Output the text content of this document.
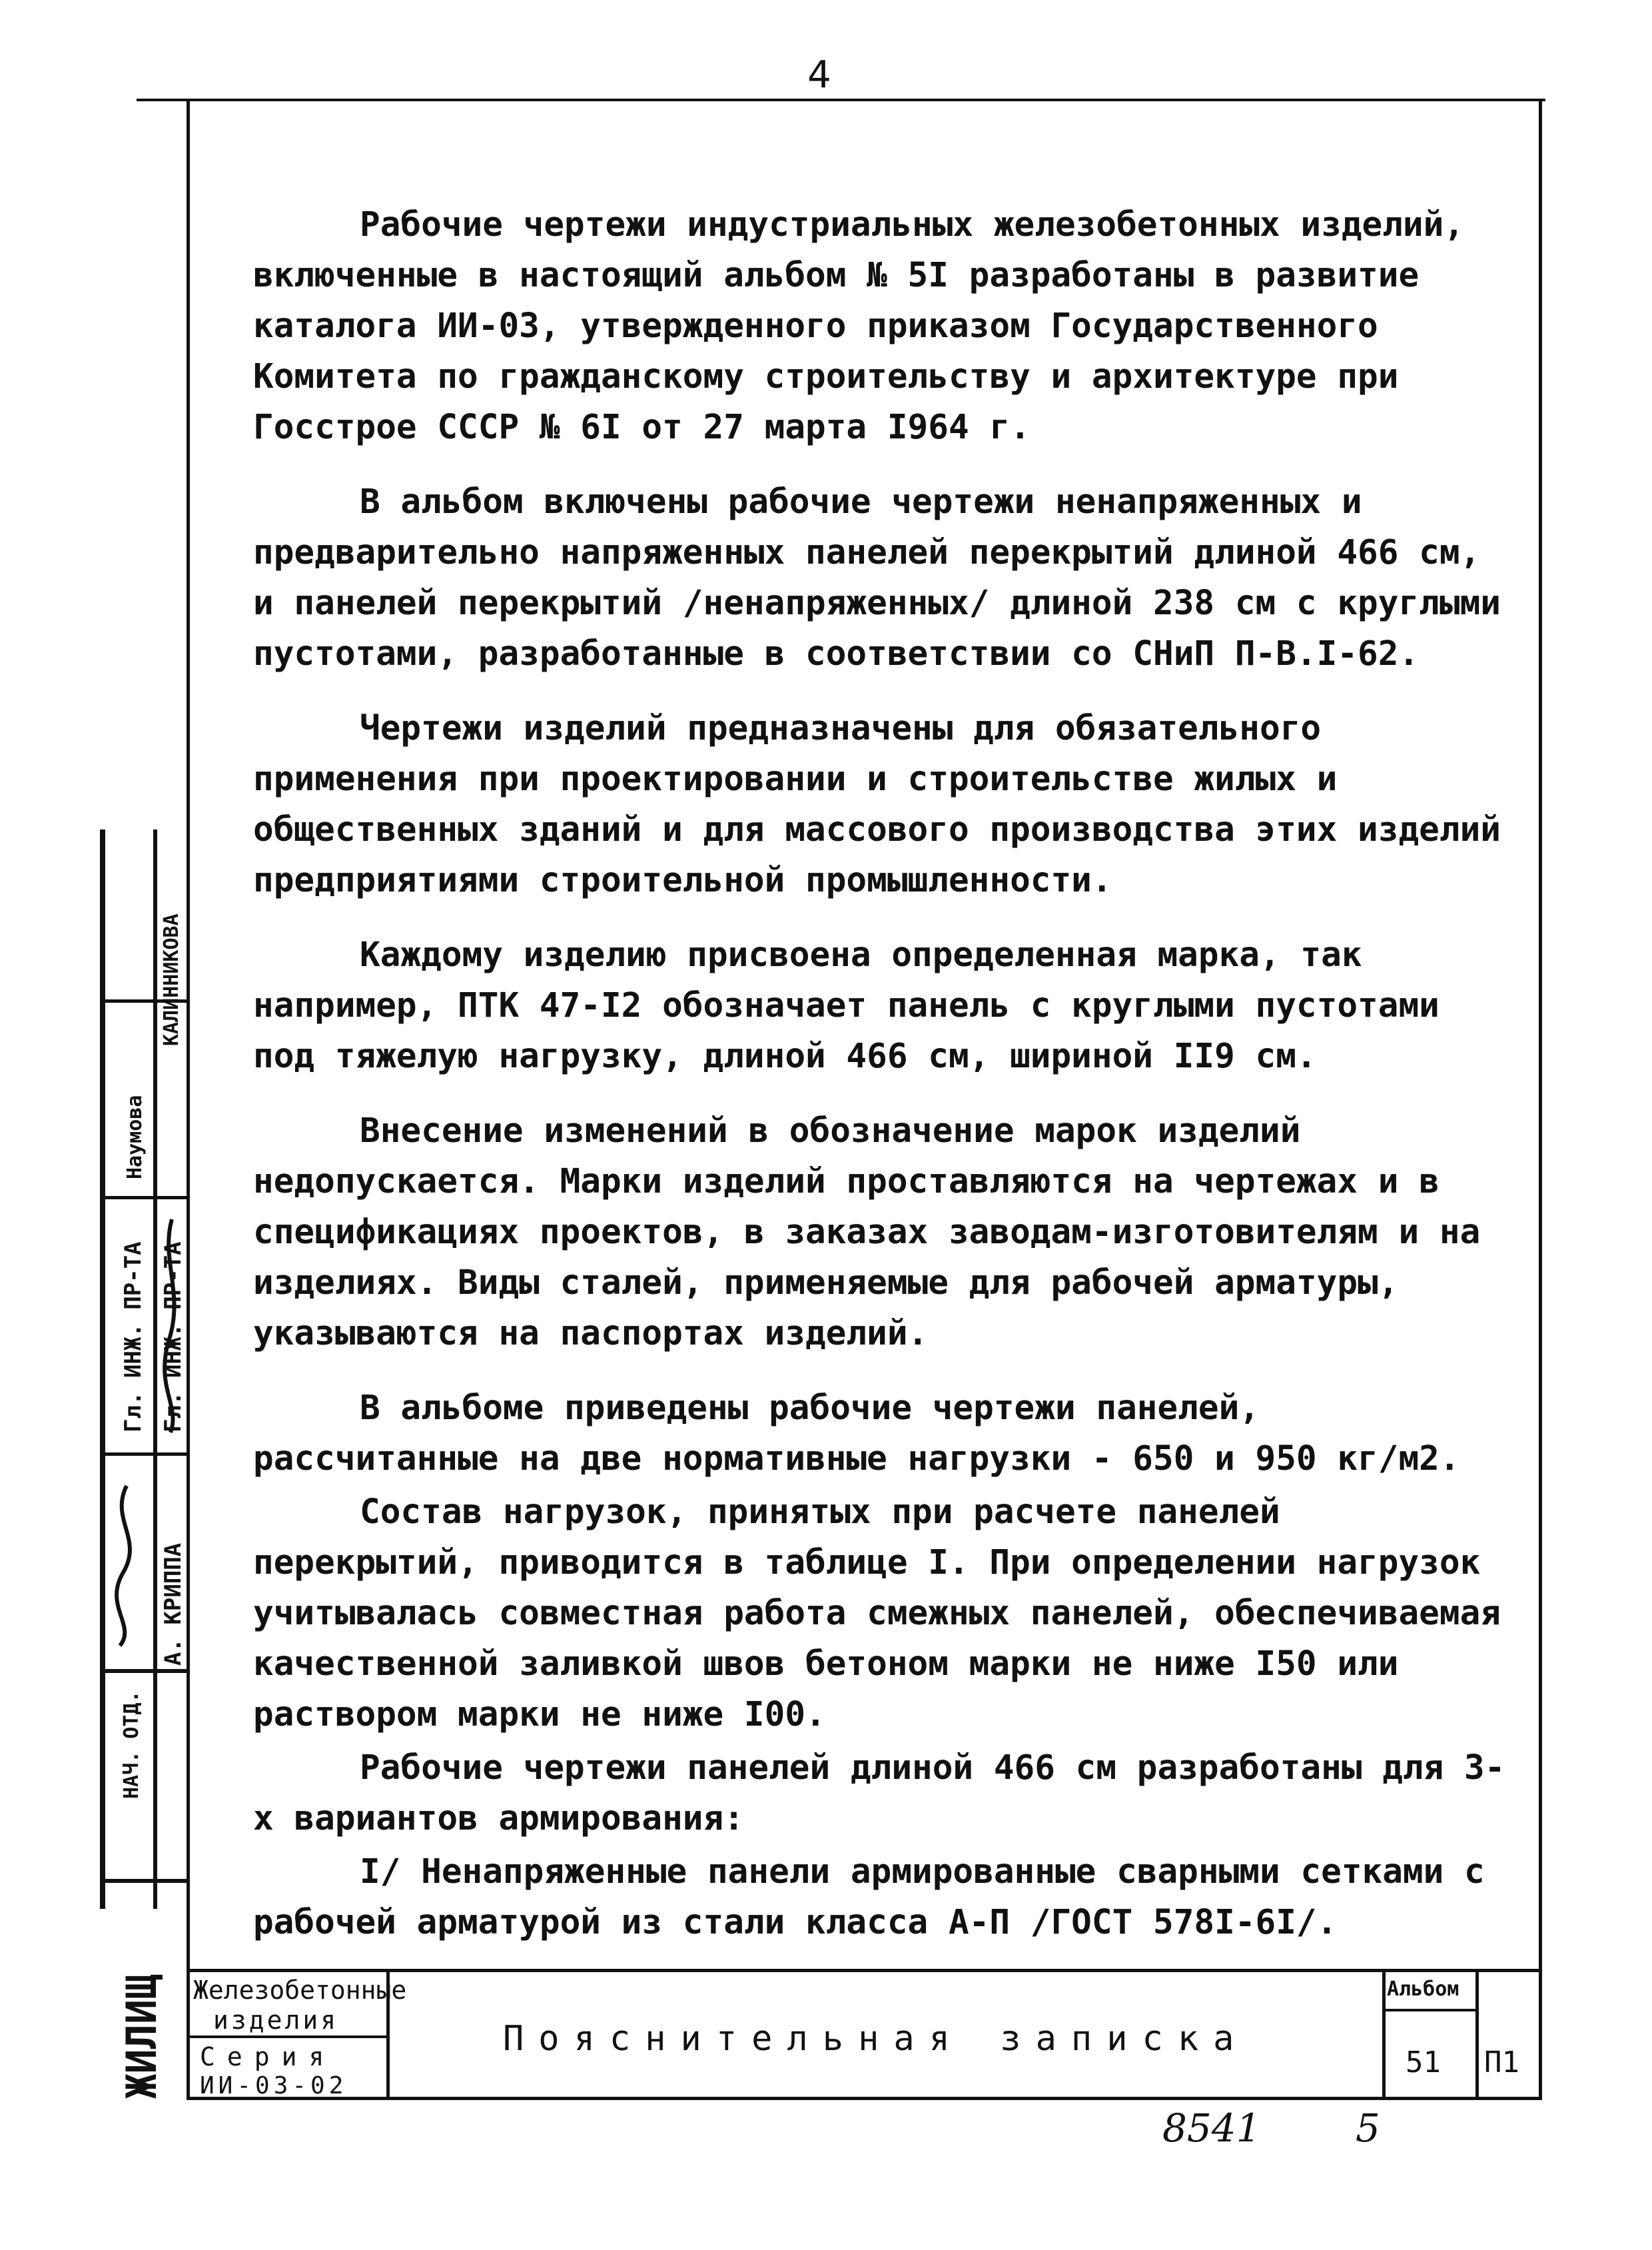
4

Рабочие чертежи индустриальных железобетонных изделий, включенные в настоящий альбом № 5I разработаны в развитие каталога ИИ-03, утвержденного приказом Государственного Комитета по гражданскому строительству и архитектуре при Госстрое СССР № 6I от 27 марта I964 г.

В альбом включены рабочие чертежи ненапряженных и предварительно напряженных панелей перекрытий длиной 466 см, и панелей перекрытий /ненапряженных/ длиной 238 см с круглыми пустотами, разработанные в соответствии со СНиП П-В.I-62.

Чертежи изделий предназначены для обязательного применения при проектировании и строительстве жилых и общественных зданий и для массового производства этих изделий предприятиями строительной промышленности.

Каждому изделию присвоена определенная марка, так например, ПТК 47-I2 обозначает панель с круглыми пустотами под тяжелую нагрузку, длиной 466 см, шириной II9 см.

Внесение изменений в обозначение марок изделий недопускается. Марки изделий проставляются на чертежах и в спецификациях проектов, в заказах заводам-изготовителям и на изделиях. Виды сталей, применяемые для рабочей арматуры, указываются на паспортах изделий.

В альбоме приведены рабочие чертежи панелей, рассчитанные на две нормативные нагрузки - 650 и 950 кг/м2.

Состав нагрузок, принятых при расчете панелей перекрытий, приводится в таблице I. При определении нагрузок учитывалась совместная работа смежных панелей, обеспечиваемая качественной заливкой швов бетоном марки не ниже I50 или раствором марки не ниже I00.

Рабочие чертежи панелей длиной 466 см разработаны для 3-х вариантов армирования:

I/ Ненапряженные панели армированные сварными сетками с рабочей арматурой из стали класса А-П /ГОСТ 578I-6I/.

ЖИЛИЩ
НАЧ. ОТД.
Гл. ИНЖ. ПР-ТА Гл. ИНЖ. ПР-ТА
А. КРИППА
Наумова
КАЛИННИКОВА
Железобетонные
изделия
Серия
ИИ-03-02
Пояснительная записка
Альбом
51 П1
8541 5
